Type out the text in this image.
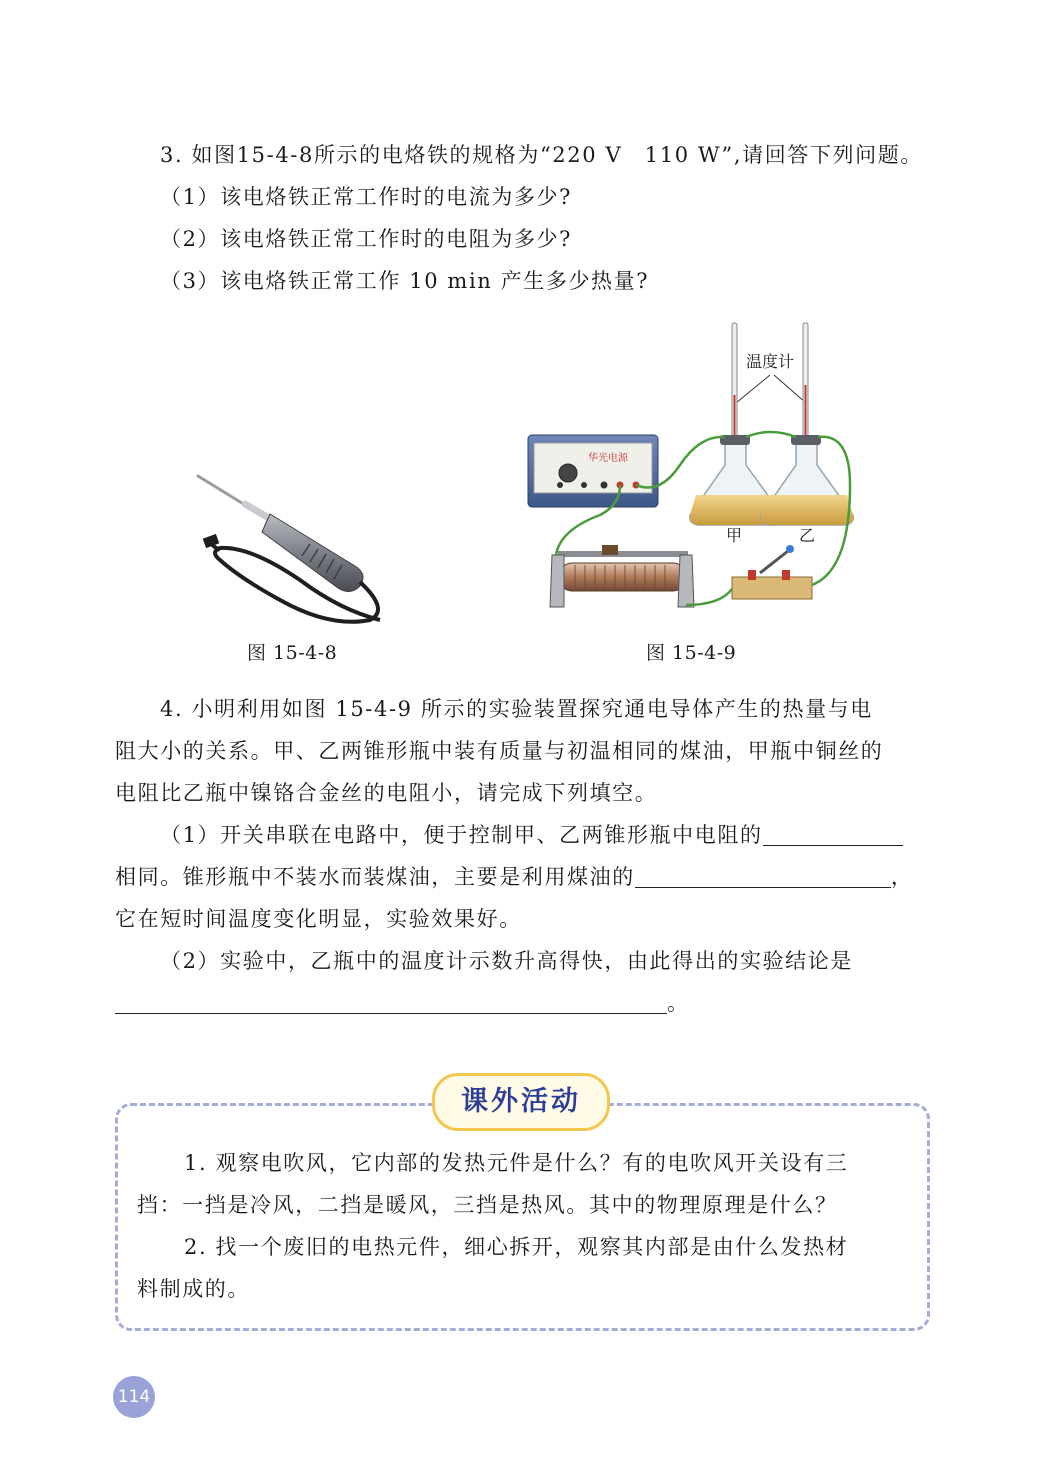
3. 如图15-4-8所示的电烙铁的规格为“220 V　110 W”,请回答下列问题。
（1）该电烙铁正常工作时的电流为多少?
（2）该电烙铁正常工作时的电阻为多少?
（3）该电烙铁正常工作 10 min 产生多少热量?
图 15-4-8
华光电源
温度计
甲	乙
图 15-4-9
4. 小明利用如图 15-4-9 所示的实验装置探究通电导体产生的热量与电
阻大小的关系。甲、乙两锥形瓶中装有质量与初温相同的煤油，甲瓶中铜丝的
电阻比乙瓶中镍铬合金丝的电阻小，请完成下列填空。
（1）开关串联在电路中，便于控制甲、乙两锥形瓶中电阻的
相同。锥形瓶中不装水而装煤油，主要是利用煤油的	，
它在短时间温度变化明显，实验效果好。
（2）实验中，乙瓶中的温度计示数升高得快，由此得出的实验结论是
。
课外活动
1. 观察电吹风，它内部的发热元件是什么？有的电吹风开关设有三
挡：一挡是冷风，二挡是暖风，三挡是热风。其中的物理原理是什么？
2. 找一个废旧的电热元件，细心拆开，观察其内部是由什么发热材
料制成的。
114
